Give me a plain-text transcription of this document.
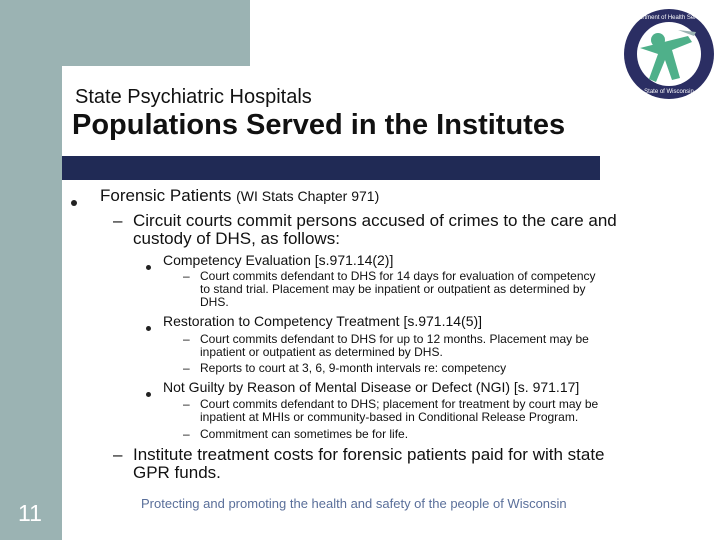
Department of Health Services
State of Wisconsin
State Psychiatric Hospitals
Populations Served in the Institutes
Forensic Patients (WI Stats Chapter 971)
– Circuit courts commit persons accused of crimes to the care and
custody of DHS, as follows:
Competency Evaluation [s.971.14(2)]
– Court commits defendant to DHS for 14 days for evaluation of competency
to stand trial. Placement may be inpatient or outpatient as determined by
DHS.
Restoration to Competency Treatment [s.971.14(5)]
– Court commits defendant to DHS for up to 12 months. Placement may be
inpatient or outpatient as determined by DHS.
– Reports to court at 3, 6, 9-month intervals re: competency
Not Guilty by Reason of Mental Disease or Defect (NGI) [s. 971.17]
– Court commits defendant to DHS; placement for treatment by court may be
inpatient at MHIs or community-based in Conditional Release Program.
– Commitment can sometimes be for life.
– Institute treatment costs for forensic patients paid for with state
GPR funds.
11	Protecting and promoting the health and safety of the people of Wisconsin
